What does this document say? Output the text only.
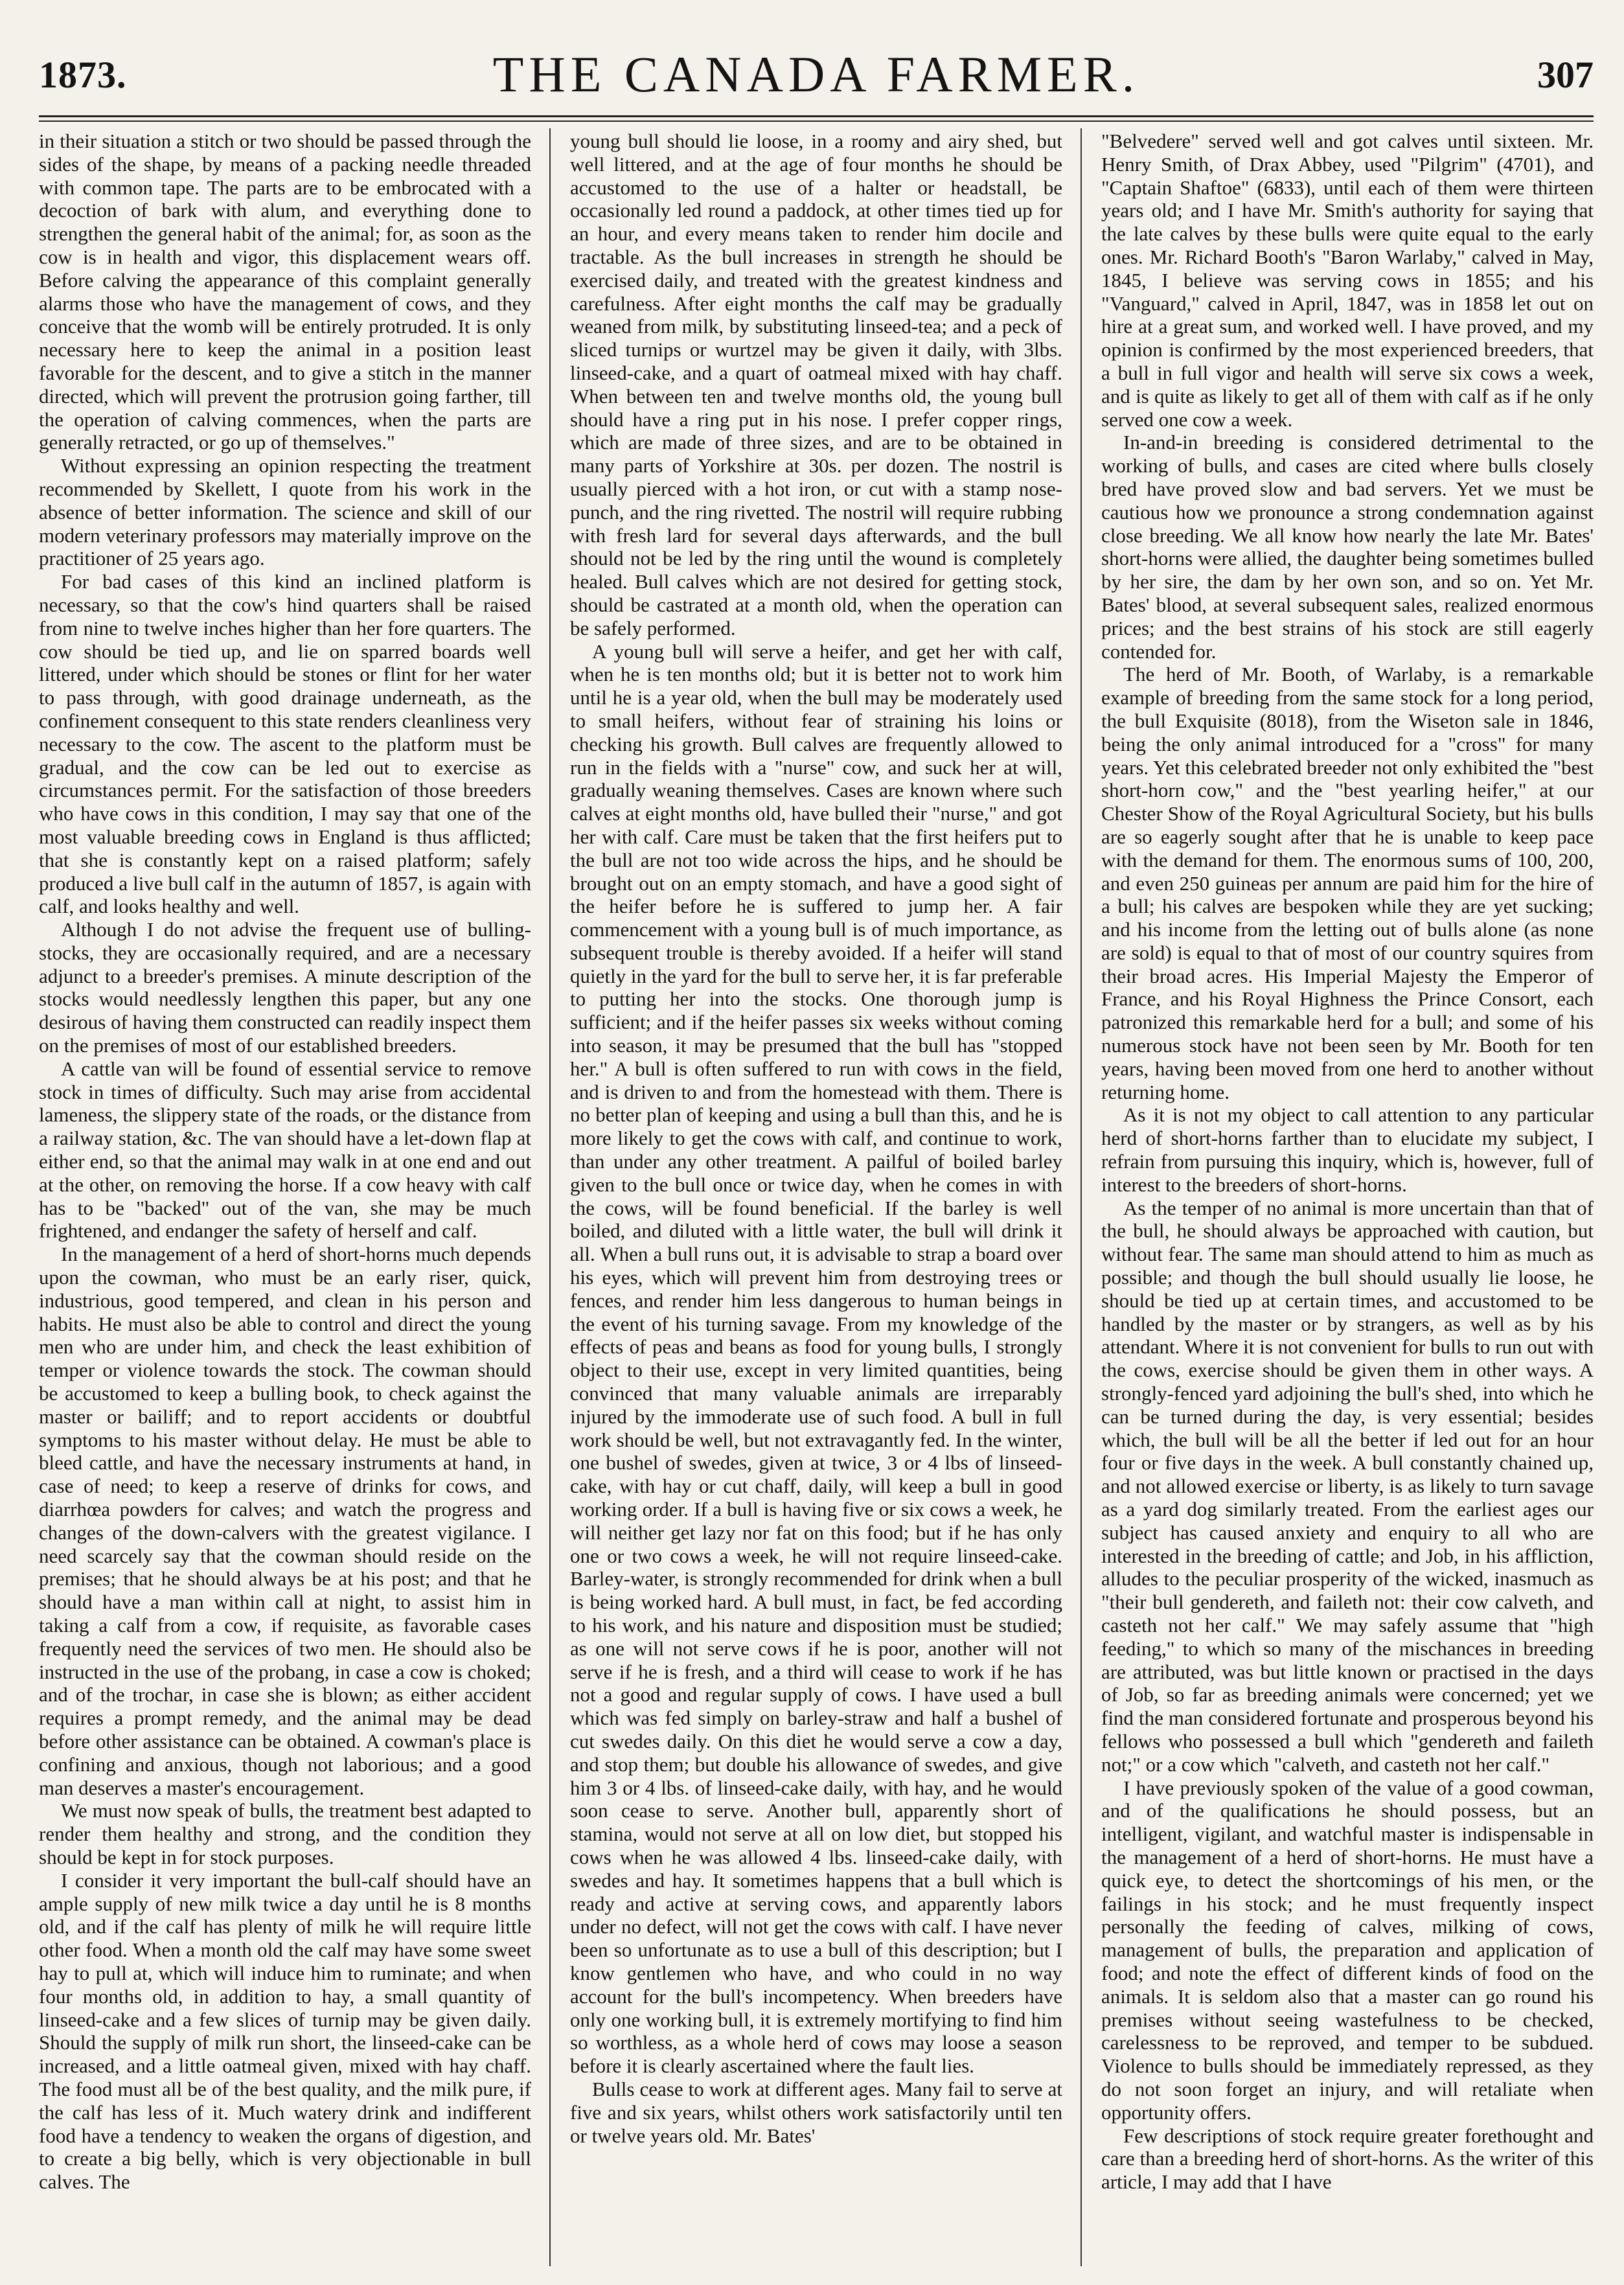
1873.	THE CANADA FARMER.	307

in their situation a stitch or two should be passed through the sides of the shape, by means of a packing needle threaded with common tape. The parts are to be embrocated with a decoction of bark with alum, and everything done to strengthen the general habit of the animal; for, as soon as the cow is in health and vigor, this displacement wears off. Before calving the appearance of this complaint generally alarms those who have the management of cows, and they conceive that the womb will be entirely protruded. It is only necessary here to keep the animal in a position least favorable for the descent, and to give a stitch in the manner directed, which will prevent the protrusion going farther, till the operation of calving commences, when the parts are generally retracted, or go up of themselves."

Without expressing an opinion respecting the treatment recommended by Skellett, I quote from his work in the absence of better information. The science and skill of our modern veterinary professors may materially improve on the practitioner of 25 years ago.

For bad cases of this kind an inclined platform is necessary, so that the cow's hind quarters shall be raised from nine to twelve inches higher than her fore quarters. The cow should be tied up, and lie on sparred boards well littered, under which should be stones or flint for her water to pass through, with good drainage underneath, as the confinement consequent to this state renders cleanliness very necessary to the cow. The ascent to the platform must be gradual, and the cow can be led out to exercise as circumstances permit. For the satisfaction of those breeders who have cows in this condition, I may say that one of the most valuable breeding cows in England is thus afflicted; that she is constantly kept on a raised platform; safely produced a live bull calf in the autumn of 1857, is again with calf, and looks healthy and well.

Although I do not advise the frequent use of bulling-stocks, they are occasionally required, and are a necessary adjunct to a breeder's premises. A minute description of the stocks would needlessly lengthen this paper, but any one desirous of having them constructed can readily inspect them on the premises of most of our established breeders.

A cattle van will be found of essential service to remove stock in times of difficulty. Such may arise from accidental lameness, the slippery state of the roads, or the distance from a railway station, &c. The van should have a let-down flap at either end, so that the animal may walk in at one end and out at the other, on removing the horse. If a cow heavy with calf has to be "backed" out of the van, she may be much frightened, and endanger the safety of herself and calf.

In the management of a herd of short-horns much depends upon the cowman, who must be an early riser, quick, industrious, good tempered, and clean in his person and habits. He must also be able to control and direct the young men who are under him, and check the least exhibition of temper or violence towards the stock. The cowman should be accustomed to keep a bulling book, to check against the master or bailiff; and to report accidents or doubtful symptoms to his master without delay. He must be able to bleed cattle, and have the necessary instruments at hand, in case of need; to keep a reserve of drinks for cows, and diarrhœa powders for calves; and watch the progress and changes of the down-calvers with the greatest vigilance. I need scarcely say that the cowman should reside on the premises; that he should always be at his post; and that he should have a man within call at night, to assist him in taking a calf from a cow, if requisite, as favorable cases frequently need the services of two men. He should also be instructed in the use of the probang, in case a cow is choked; and of the trochar, in case she is blown; as either accident requires a prompt remedy, and the animal may be dead before other assistance can be obtained. A cowman's place is confining and anxious, though not laborious; and a good man deserves a master's encouragement.

We must now speak of bulls, the treatment best adapted to render them healthy and strong, and the condition they should be kept in for stock purposes.

I consider it very important the bull-calf should have an ample supply of new milk twice a day until he is 8 months old, and if the calf has plenty of milk he will require little other food. When a month old the calf may have some sweet hay to pull at, which will induce him to ruminate; and when four months old, in addition to hay, a small quantity of linseed-cake and a few slices of turnip may be given daily. Should the supply of milk run short, the linseed-cake can be increased, and a little oatmeal given, mixed with hay chaff. The food must all be of the best quality, and the milk pure, if the calf has less of it. Much watery drink and indifferent food have a tendency to weaken the organs of digestion, and to create a big belly, which is very objectionable in bull calves. The

young bull should lie loose, in a roomy and airy shed, but well littered, and at the age of four months he should be accustomed to the use of a halter or headstall, be occasionally led round a paddock, at other times tied up for an hour, and every means taken to render him docile and tractable. As the bull increases in strength he should be exercised daily, and treated with the greatest kindness and carefulness. After eight months the calf may be gradually weaned from milk, by substituting linseed-tea; and a peck of sliced turnips or wurtzel may be given it daily, with 3lbs. linseed-cake, and a quart of oatmeal mixed with hay chaff. When between ten and twelve months old, the young bull should have a ring put in his nose. I prefer copper rings, which are made of three sizes, and are to be obtained in many parts of Yorkshire at 30s. per dozen. The nostril is usually pierced with a hot iron, or cut with a stamp nose-punch, and the ring rivetted. The nostril will require rubbing with fresh lard for several days afterwards, and the bull should not be led by the ring until the wound is completely healed. Bull calves which are not desired for getting stock, should be castrated at a month old, when the operation can be safely performed.

A young bull will serve a heifer, and get her with calf, when he is ten months old; but it is better not to work him until he is a year old, when the bull may be moderately used to small heifers, without fear of straining his loins or checking his growth. Bull calves are frequently allowed to run in the fields with a "nurse" cow, and suck her at will, gradually weaning themselves. Cases are known where such calves at eight months old, have bulled their "nurse," and got her with calf. Care must be taken that the first heifers put to the bull are not too wide across the hips, and he should be brought out on an empty stomach, and have a good sight of the heifer before he is suffered to jump her. A fair commencement with a young bull is of much importance, as subsequent trouble is thereby avoided. If a heifer will stand quietly in the yard for the bull to serve her, it is far preferable to putting her into the stocks. One thorough jump is sufficient; and if the heifer passes six weeks without coming into season, it may be presumed that the bull has "stopped her." A bull is often suffered to run with cows in the field, and is driven to and from the homestead with them. There is no better plan of keeping and using a bull than this, and he is more likely to get the cows with calf, and continue to work, than under any other treatment. A pailful of boiled barley given to the bull once or twice day, when he comes in with the cows, will be found beneficial. If the barley is well boiled, and diluted with a little water, the bull will drink it all. When a bull runs out, it is advisable to strap a board over his eyes, which will prevent him from destroying trees or fences, and render him less dangerous to human beings in the event of his turning savage. From my knowledge of the effects of peas and beans as food for young bulls, I strongly object to their use, except in very limited quantities, being convinced that many valuable animals are irreparably injured by the immoderate use of such food. A bull in full work should be well, but not extravagantly fed. In the winter, one bushel of swedes, given at twice, 3 or 4 lbs of linseed-cake, with hay or cut chaff, daily, will keep a bull in good working order. If a bull is having five or six cows a week, he will neither get lazy nor fat on this food; but if he has only one or two cows a week, he will not require linseed-cake. Barley-water, is strongly recommended for drink when a bull is being worked hard. A bull must, in fact, be fed according to his work, and his nature and disposition must be studied; as one will not serve cows if he is poor, another will not serve if he is fresh, and a third will cease to work if he has not a good and regular supply of cows. I have used a bull which was fed simply on barley-straw and half a bushel of cut swedes daily. On this diet he would serve a cow a day, and stop them; but double his allowance of swedes, and give him 3 or 4 lbs. of linseed-cake daily, with hay, and he would soon cease to serve. Another bull, apparently short of stamina, would not serve at all on low diet, but stopped his cows when he was allowed 4 lbs. linseed-cake daily, with swedes and hay. It sometimes happens that a bull which is ready and active at serving cows, and apparently labors under no defect, will not get the cows with calf. I have never been so unfortunate as to use a bull of this description; but I know gentlemen who have, and who could in no way account for the bull's incompetency. When breeders have only one working bull, it is extremely mortifying to find him so worthless, as a whole herd of cows may loose a season before it is clearly ascertained where the fault lies.

Bulls cease to work at different ages. Many fail to serve at five and six years, whilst others work satisfactorily until ten or twelve years old. Mr. Bates'

"Belvedere" served well and got calves until sixteen. Mr. Henry Smith, of Drax Abbey, used "Pilgrim" (4701), and "Captain Shaftoe" (6833), until each of them were thirteen years old; and I have Mr. Smith's authority for saying that the late calves by these bulls were quite equal to the early ones. Mr. Richard Booth's "Baron Warlaby," calved in May, 1845, I believe was serving cows in 1855; and his "Vanguard," calved in April, 1847, was in 1858 let out on hire at a great sum, and worked well. I have proved, and my opinion is confirmed by the most experienced breeders, that a bull in full vigor and health will serve six cows a week, and is quite as likely to get all of them with calf as if he only served one cow a week.

In-and-in breeding is considered detrimental to the working of bulls, and cases are cited where bulls closely bred have proved slow and bad servers. Yet we must be cautious how we pronounce a strong condemnation against close breeding. We all know how nearly the late Mr. Bates' short-horns were allied, the daughter being sometimes bulled by her sire, the dam by her own son, and so on. Yet Mr. Bates' blood, at several subsequent sales, realized enormous prices; and the best strains of his stock are still eagerly contended for.

The herd of Mr. Booth, of Warlaby, is a remarkable example of breeding from the same stock for a long period, the bull Exquisite (8018), from the Wiseton sale in 1846, being the only animal introduced for a "cross" for many years. Yet this celebrated breeder not only exhibited the "best short-horn cow," and the "best yearling heifer," at our Chester Show of the Royal Agricultural Society, but his bulls are so eagerly sought after that he is unable to keep pace with the demand for them. The enormous sums of 100, 200, and even 250 guineas per annum are paid him for the hire of a bull; his calves are bespoken while they are yet sucking; and his income from the letting out of bulls alone (as none are sold) is equal to that of most of our country squires from their broad acres. His Imperial Majesty the Emperor of France, and his Royal Highness the Prince Consort, each patronized this remarkable herd for a bull; and some of his numerous stock have not been seen by Mr. Booth for ten years, having been moved from one herd to another without returning home.

As it is not my object to call attention to any particular herd of short-horns farther than to elucidate my subject, I refrain from pursuing this inquiry, which is, however, full of interest to the breeders of short-horns.

As the temper of no animal is more uncertain than that of the bull, he should always be approached with caution, but without fear. The same man should attend to him as much as possible; and though the bull should usually lie loose, he should be tied up at certain times, and accustomed to be handled by the master or by strangers, as well as by his attendant. Where it is not convenient for bulls to run out with the cows, exercise should be given them in other ways. A strongly-fenced yard adjoining the bull's shed, into which he can be turned during the day, is very essential; besides which, the bull will be all the better if led out for an hour four or five days in the week. A bull constantly chained up, and not allowed exercise or liberty, is as likely to turn savage as a yard dog similarly treated. From the earliest ages our subject has caused anxiety and enquiry to all who are interested in the breeding of cattle; and Job, in his affliction, alludes to the peculiar prosperity of the wicked, inasmuch as "their bull gendereth, and faileth not: their cow calveth, and casteth not her calf." We may safely assume that "high feeding," to which so many of the mischances in breeding are attributed, was but little known or practised in the days of Job, so far as breeding animals were concerned; yet we find the man considered fortunate and prosperous beyond his fellows who possessed a bull which "gendereth and faileth not;" or a cow which "calveth, and casteth not her calf."

I have previously spoken of the value of a good cowman, and of the qualifications he should possess, but an intelligent, vigilant, and watchful master is indispensable in the management of a herd of short-horns. He must have a quick eye, to detect the shortcomings of his men, or the failings in his stock; and he must frequently inspect personally the feeding of calves, milking of cows, management of bulls, the preparation and application of food; and note the effect of different kinds of food on the animals. It is seldom also that a master can go round his premises without seeing wastefulness to be checked, carelessness to be reproved, and temper to be subdued. Violence to bulls should be immediately repressed, as they do not soon forget an injury, and will retaliate when opportunity offers.

Few descriptions of stock require greater forethought and care than a breeding herd of short-horns. As the writer of this article, I may add that I have
